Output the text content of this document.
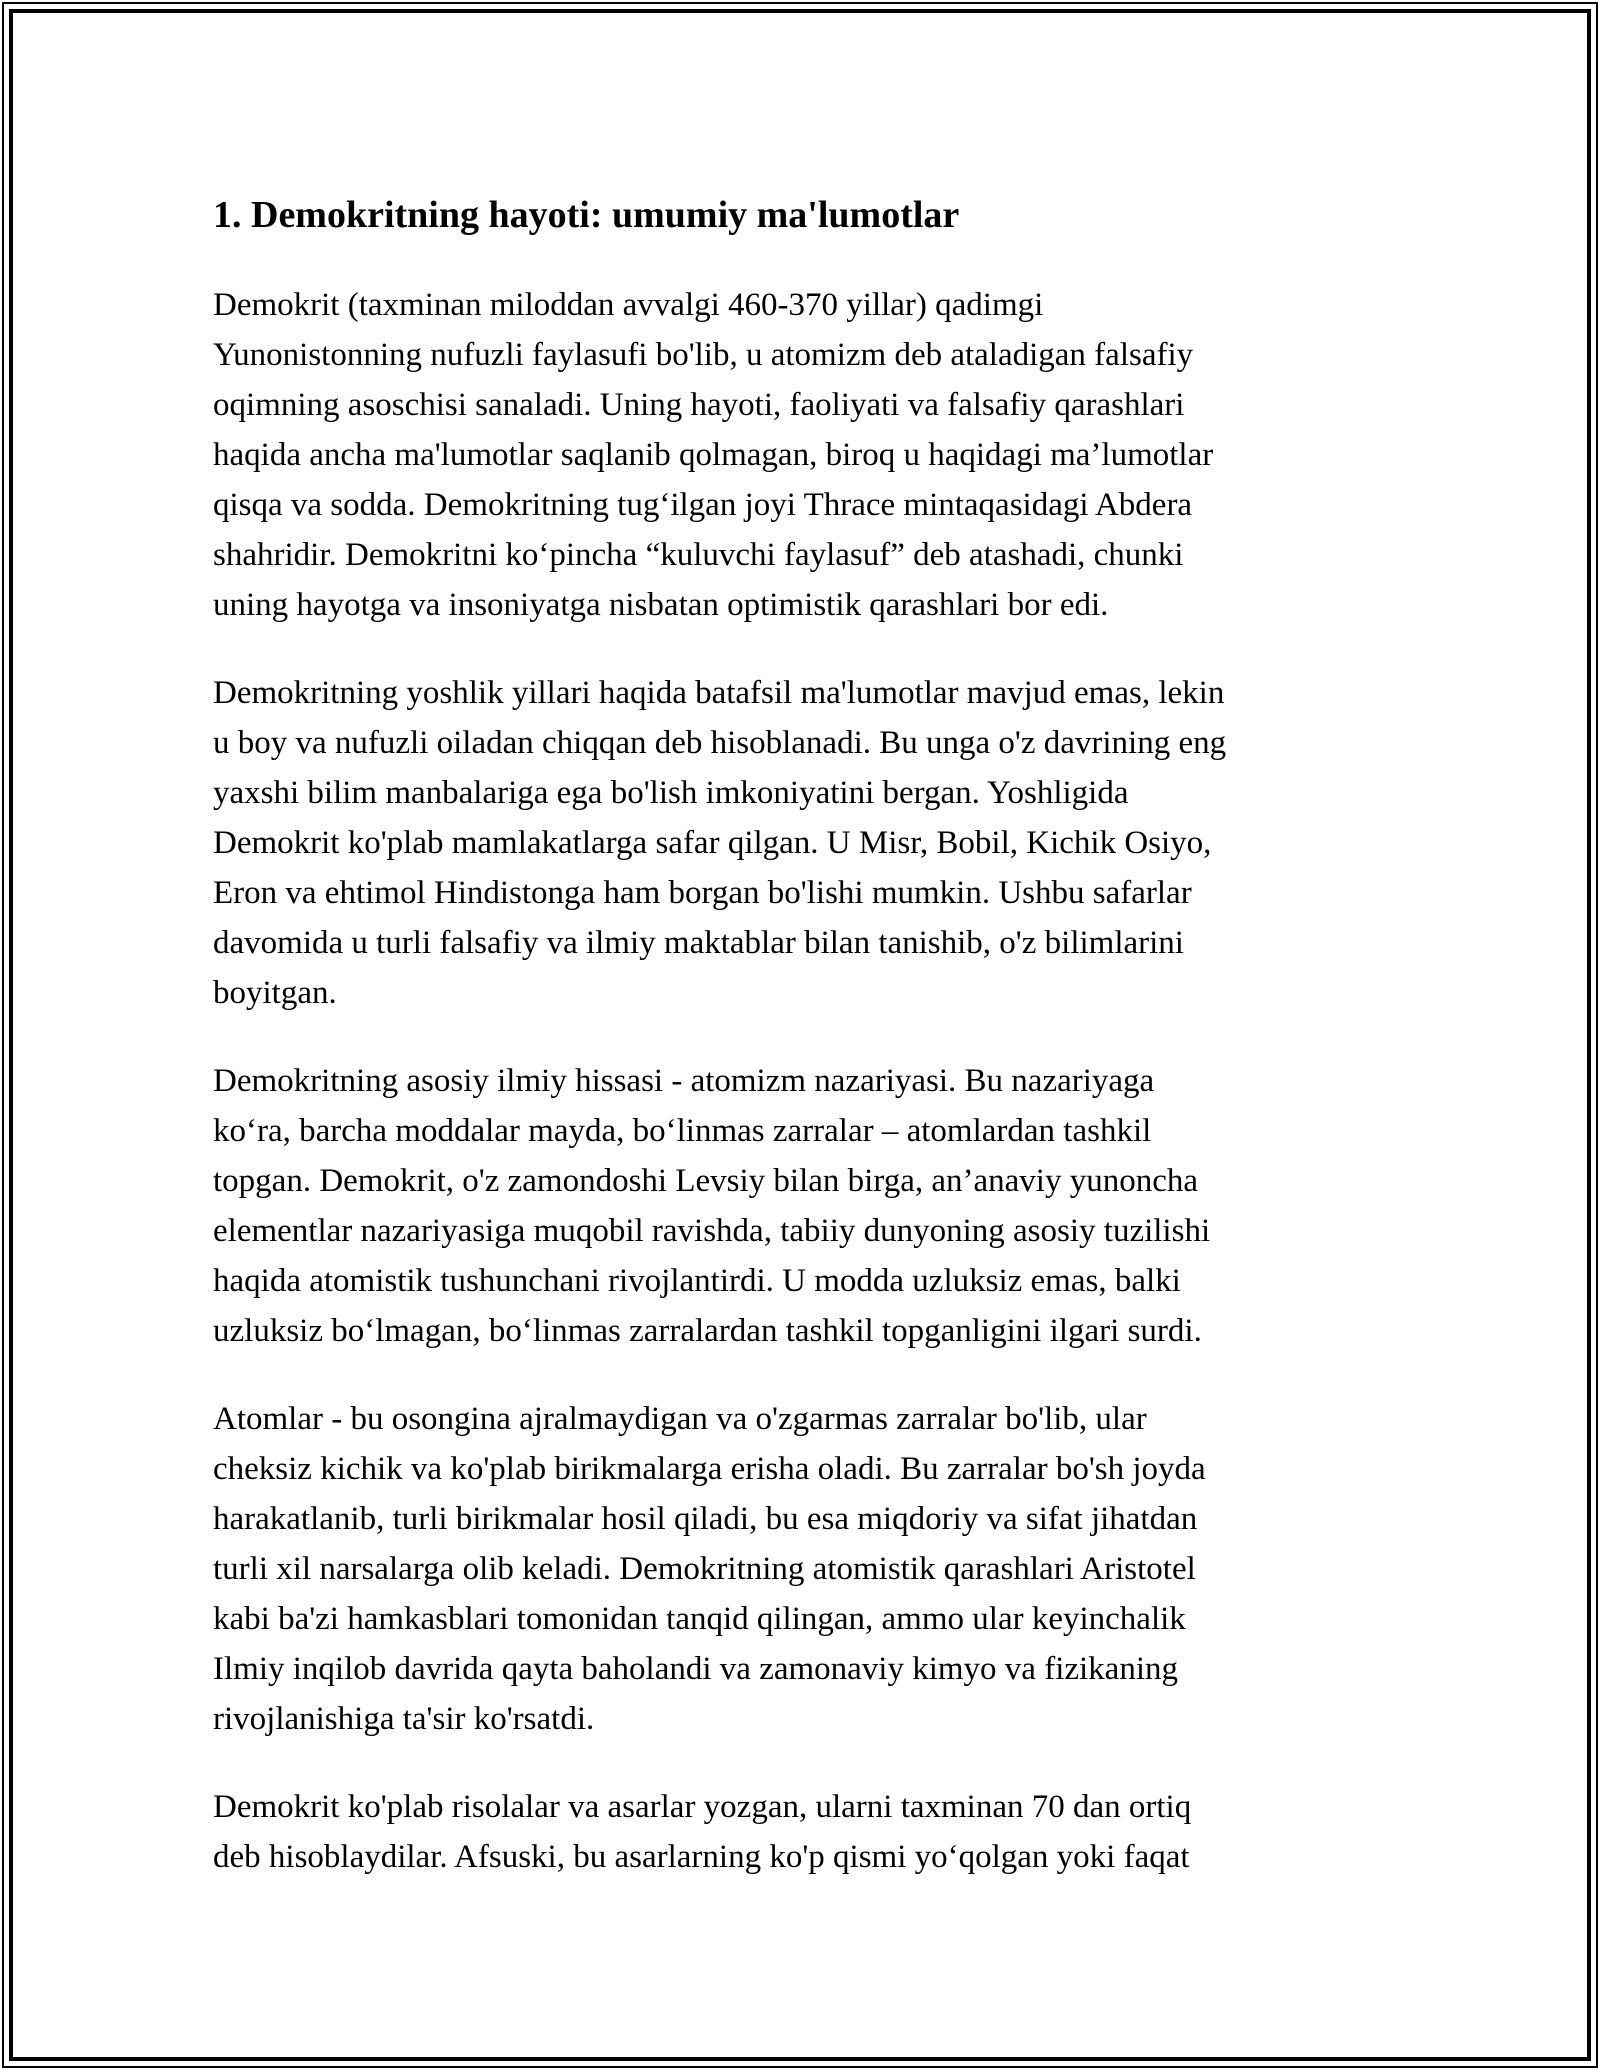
1. Demokritning hayoti: umumiy ma'lumotlar
Demokrit (taxminan miloddan avvalgi 460-370 yillar) qadimgi
Yunonistonning nufuzli faylasufi bo'lib, u atomizm deb ataladigan falsafiy
oqimning asoschisi sanaladi. Uning hayoti, faoliyati va falsafiy qarashlari
haqida ancha ma'lumotlar saqlanib qolmagan, biroq u haqidagi ma’lumotlar
qisqa va sodda. Demokritning tug‘ilgan joyi Thrace mintaqasidagi Abdera
shahridir. Demokritni ko‘pincha “kuluvchi faylasuf” deb atashadi, chunki
uning hayotga va insoniyatga nisbatan optimistik qarashlari bor edi.
Demokritning yoshlik yillari haqida batafsil ma'lumotlar mavjud emas, lekin
u boy va nufuzli oiladan chiqqan deb hisoblanadi. Bu unga o'z davrining eng
yaxshi bilim manbalariga ega bo'lish imkoniyatini bergan. Yoshligida
Demokrit ko'plab mamlakatlarga safar qilgan. U Misr, Bobil, Kichik Osiyo,
Eron va ehtimol Hindistonga ham borgan bo'lishi mumkin. Ushbu safarlar
davomida u turli falsafiy va ilmiy maktablar bilan tanishib, o'z bilimlarini
boyitgan.
Demokritning asosiy ilmiy hissasi - atomizm nazariyasi. Bu nazariyaga
ko‘ra, barcha moddalar mayda, bo‘linmas zarralar – atomlardan tashkil
topgan. Demokrit, o'z zamondoshi Levsiy bilan birga, an’anaviy yunoncha
elementlar nazariyasiga muqobil ravishda, tabiiy dunyoning asosiy tuzilishi
haqida atomistik tushunchani rivojlantirdi. U modda uzluksiz emas, balki
uzluksiz bo‘lmagan, bo‘linmas zarralardan tashkil topganligini ilgari surdi.
Atomlar - bu osongina ajralmaydigan va o'zgarmas zarralar bo'lib, ular
cheksiz kichik va ko'plab birikmalarga erisha oladi. Bu zarralar bo'sh joyda
harakatlanib, turli birikmalar hosil qiladi, bu esa miqdoriy va sifat jihatdan
turli xil narsalarga olib keladi. Demokritning atomistik qarashlari Aristotel
kabi ba'zi hamkasblari tomonidan tanqid qilingan, ammo ular keyinchalik
Ilmiy inqilob davrida qayta baholandi va zamonaviy kimyo va fizikaning
rivojlanishiga ta'sir ko'rsatdi.
Demokrit ko'plab risolalar va asarlar yozgan, ularni taxminan 70 dan ortiq
deb hisoblaydilar. Afsuski, bu asarlarning ko'p qismi yo‘qolgan yoki faqat
